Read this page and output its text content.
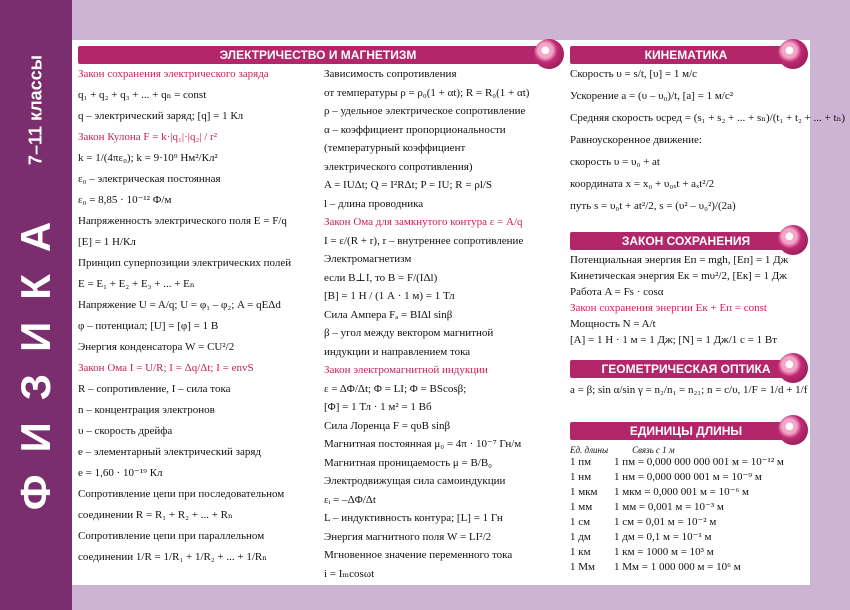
7–11 классы
ФИЗИКА
ЭЛЕКТРИЧЕСТВО И МАГНЕТИЗМ
Закон сохранения электрического заряда
q₁ + q₂ + q₃ + ... + qₙ = const
q – электрический заряд; [q] = 1 Кл
Закон Кулона F = k·|q₁|·|q₂| / r²
k = 1/(4πε₀); k = 9·10⁹ Нм²/Кл²
ε₀ – электрическая постоянная
ε₀ = 8,85 · 10⁻¹² Ф/м
Напряженность электрического поля E = F/q
[E] = 1 Н/Кл
Принцип суперпозиции электрических полей
E = E₁ + E₂ + E₃ + ... + Eₙ
Напряжение U = A/q; U = φ₁ – φ₂; A = qEΔd
φ – потенциал; [U] = [φ] = 1 В
Энергия конденсатора W = CU²/2
Закон Ома I = U/R; I = Δq/Δt; I = envS
R – сопротивление, I – сила тока
n – концентрация электронов
υ – скорость дрейфа
e – элементарный электрический заряд
e = 1,60 · 10⁻¹⁹ Кл
Сопротивление цепи при последовательном
соединении R = R₁ + R₂ + ... + Rₙ
Сопротивление цепи при параллельном
соединении 1/R = 1/R₁ + 1/R₂ + ... + 1/Rₙ
Зависимость сопротивления
от температуры ρ = ρ₀(1 + αt); R = R₀(1 + αt)
ρ – удельное электрическое сопротивление
α – коэффициент пропорциональности
(температурный коэффициент
электрического сопротивления)
A = IUΔt; Q = I²RΔt; P = IU; R = ρl/S
l – длина проводника
Закон Ома для замкнутого контура ε = A/q
I = ε/(R + r), r – внутреннее сопротивление
Электромагнетизм
если B⊥I, то B = F/(IΔl)
[B] = 1 Н / (1 А · 1 м) = 1 Тл
Сила Ампера Fₐ = BIΔl sinβ
β – угол между вектором магнитной
индукции и направлением тока
Закон электромагнитной индукции
ε = ΔΦ/Δt; Φ = LI; Φ = BScosβ;
[Φ] = 1 Тл · 1 м² = 1 Вб
Сила Лоренца F = qυB sinβ
Магнитная постоянная μ₀ = 4π · 10⁻⁷ Гн/м
Магнитная проницаемость μ = B/B₀
Электродвижущая сила самоиндукции
εᵢ = –ΔΦ/Δt
L – индуктивность контура; [L] = 1 Гн
Энергия магнитного поля W = LI²/2
Мгновенное значение переменного тока
i = Iₘcosωt
КИНЕМАТИКА
Скорость υ = s/t, [υ] = 1 м/с
Ускорение a = (υ – υ₀)/t, [a] = 1 м/с²
Средняя скорость υсред = (s₁ + s₂ + ... + sₙ)/(t₁ + t₂ + ... + tₙ)
Равноускоренное движение:
скорость υ = υ₀ + at
координата x = x₀ + υ₀ₓt + aₓt²/2
путь s = υ₀t + at²/2, s = (υ² – υ₀²)/(2a)
ЗАКОН СОХРАНЕНИЯ
Потенциальная энергия Eп = mgh, [Eп] = 1 Дж
Кинетическая энергия Eк = mυ²/2, [Eк] = 1 Дж
Работа A = Fs · cosα
Закон сохранения энергии Eк + Eп = const
Мощность N = A/t
[A] = 1 Н · 1 м = 1 Дж; [N] = 1 Дж/1 с = 1 Вт
ГЕОМЕТРИЧЕСКАЯ ОПТИКА
a = β; sin α/sin γ = n₂/n₁ = n₂₁; n = c/υ, 1/F = 1/d + 1/f
ЕДИНИЦЫ ДЛИНЫ
Ед. длины	Связь с 1 м
1 пм 1 пм = 0,000 000 000 001 м = 10⁻¹² м
1 нм 1 нм = 0,000 000 001 м = 10⁻⁹ м
1 мкм 1 мкм = 0,000 001 м = 10⁻⁶ м
1 мм 1 мм = 0,001 м = 10⁻³ м
1 см 1 см = 0,01 м = 10⁻² м
1 дм 1 дм = 0,1 м = 10⁻¹ м
1 км 1 км = 1000 м = 10³ м
1 Мм 1 Мм = 1 000 000 м = 10⁶ м
